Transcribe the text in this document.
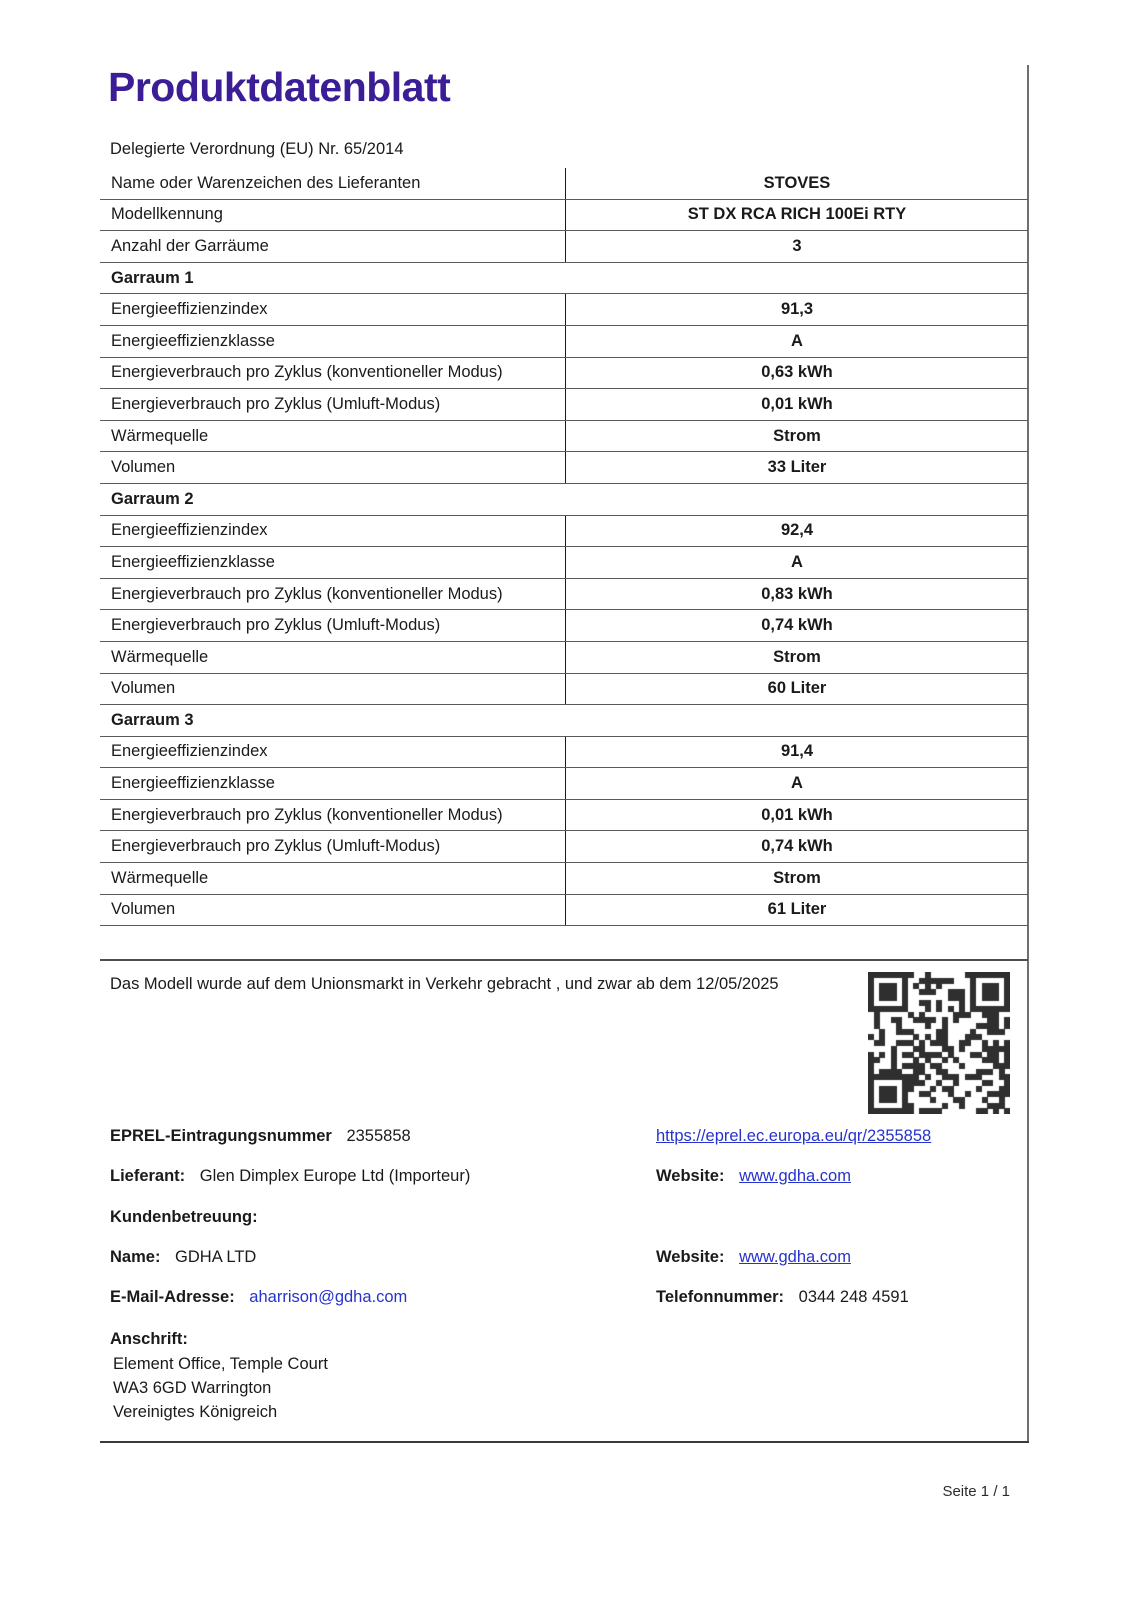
Produktdatenblatt
Delegierte Verordnung (EU) Nr. 65/2014
Name oder Warenzeichen des Lieferanten	STOVES
Modellkennung	ST DX RCA RICH 100Ei RTY
Anzahl der Garräume	3
Garraum 1
Energieeffizienzindex	91,3
Energieeffizienzklasse	A
Energieverbrauch pro Zyklus (konventioneller Modus)	0,63 kWh
Energieverbrauch pro Zyklus (Umluft-Modus)	0,01 kWh
Wärmequelle	Strom
Volumen	33 Liter
Garraum 2
Energieeffizienzindex	92,4
Energieeffizienzklasse	A
Energieverbrauch pro Zyklus (konventioneller Modus)	0,83 kWh
Energieverbrauch pro Zyklus (Umluft-Modus)	0,74 kWh
Wärmequelle	Strom
Volumen	60 Liter
Garraum 3
Energieeffizienzindex	91,4
Energieeffizienzklasse	A
Energieverbrauch pro Zyklus (konventioneller Modus)	0,01 kWh
Energieverbrauch pro Zyklus (Umluft-Modus)	0,74 kWh
Wärmequelle	Strom
Volumen	61 Liter
Das Modell wurde auf dem Unionsmarkt in Verkehr gebracht , und zwar ab dem 12/05/2025
EPREL-Eintragungsnummer 2355858	https://eprel.ec.europa.eu/qr/2355858
Lieferant: Glen Dimplex Europe Ltd (Importeur)	Website: www.gdha.com
Kundenbetreuung:
Name: GDHA LTD	Website: www.gdha.com
E-Mail-Adresse: aharrison@gdha.com	Telefonnummer: 0344 248 4591
Anschrift:
Element Office, Temple Court
WA3 6GD Warrington
Vereinigtes Königreich
Seite 1 / 1
